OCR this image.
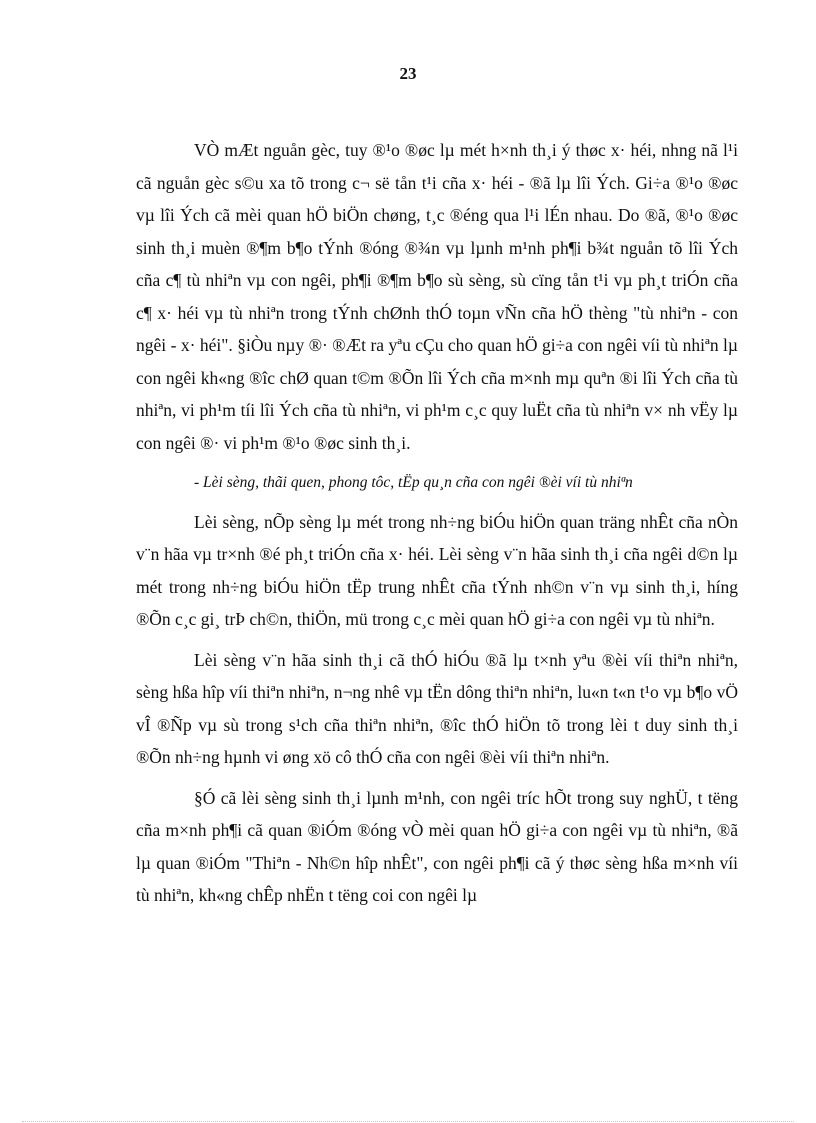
23

VÒ mÆt nguån gèc, tuy ®¹o ®øc lµ mét h×nh th¸i ý thøc x· héi, nhng nã l¹i cã nguån gèc s©u xa tõ trong c¬ së tån t¹i cña x· héi - ®ã lµ lîi Ých. Gi÷a ®¹o ®øc vµ lîi Ých cã mèi quan hÖ biÖn chøng, t¸c ®éng qua l¹i lÉn nhau. Do ®ã, ®¹o ®øc sinh th¸i muèn ®¶m b¶o tÝnh ®óng ®¾n vµ lµnh m¹nh ph¶i b¾t nguån tõ lîi Ých cña c¶ tù nhiªn vµ con ngêi, ph¶i ®¶m b¶o sù sèng, sù cïng tån t¹i vµ ph¸t triÓn cña c¶ x· héi vµ tù nhiªn trong tÝnh chØnh thÓ toµn vÑn cña hÖ thèng "tù nhiªn - con ngêi - x· héi". §iÒu nµy ®· ®Æt ra yªu cÇu cho quan hÖ gi÷a con ngêi víi tù nhiªn lµ con ngêi kh«ng ®îc chØ quan t©m ®Õn lîi Ých cña m×nh mµ quªn ®i lîi Ých cña tù nhiªn, vi ph¹m tíi lîi Ých cña tù nhiªn, vi ph¹m c¸c quy luËt cña tù nhiªn v× nh vËy lµ con ngêi ®· vi ph¹m ®¹o ®øc sinh th¸i.

- Lèi sèng, thãi quen, phong tôc, tËp qu¸n cña con ngêi ®èi víi tù nhiªn

Lèi sèng, nÕp sèng lµ mét trong nh÷ng biÓu hiÖn quan träng nhÊt cña nÒn v¨n hãa vµ tr×nh ®é ph¸t triÓn cña x· héi. Lèi sèng v¨n hãa sinh th¸i cña ngêi d©n lµ mét trong nh÷ng biÓu hiÖn tËp trung nhÊt cña tÝnh nh©n v¨n vµ sinh th¸i, híng ®Õn c¸c gi¸ trÞ ch©n, thiÖn, mü trong c¸c mèi quan hÖ gi÷a con ngêi vµ tù nhiªn.

Lèi sèng v¨n hãa sinh th¸i cã thÓ hiÓu ®ã lµ t×nh yªu ®èi víi thiªn nhiªn, sèng hßa hîp víi thiªn nhiªn, n¬ng nhê vµ tËn dông thiªn nhiªn, lu«n t«n t¹o vµ b¶o vÖ vÎ ®Ñp vµ sù trong s¹ch cña thiªn nhiªn, ®îc thÓ hiÖn tõ trong lèi t duy sinh th¸i ®Õn nh÷ng hµnh vi øng xö cô thÓ cña con ngêi ®èi víi thiªn nhiªn.

§Ó cã lèi sèng sinh th¸i lµnh m¹nh, con ngêi tríc hÕt trong suy nghÜ, t tëng cña m×nh ph¶i cã quan ®iÓm ®óng vÒ mèi quan hÖ gi÷a con ngêi vµ tù nhiªn, ®ã lµ quan ®iÓm "Thiªn - Nh©n hîp nhÊt", con ngêi ph¶i cã ý thøc sèng hßa m×nh víi tù nhiªn, kh«ng chÊp nhËn t tëng coi con ngêi lµ
